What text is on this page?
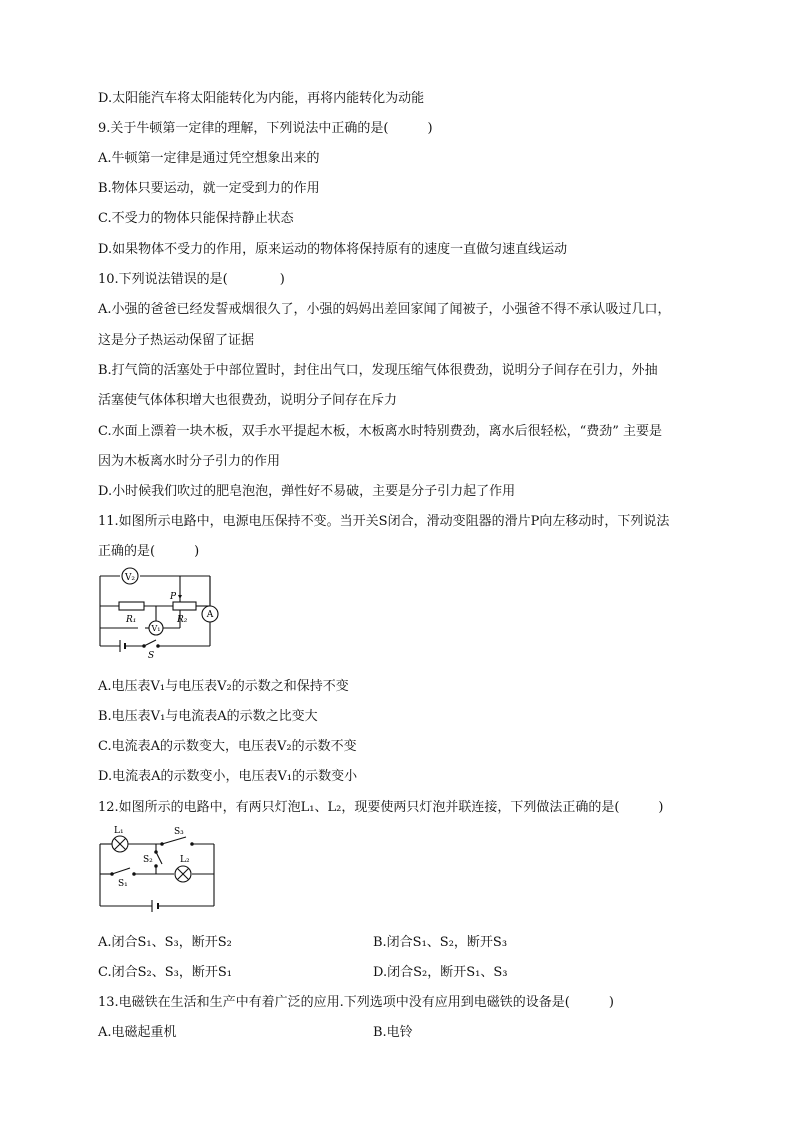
D.太阳能汽车将太阳能转化为内能，再将内能转化为动能
9.关于牛顿第一定律的理解，下列说法中正确的是(　　　)
A.牛顿第一定律是通过凭空想象出来的
B.物体只要运动，就一定受到力的作用
C.不受力的物体只能保持静止状态
D.如果物体不受力的作用，原来运动的物体将保持原有的速度一直做匀速直线运动
10.下列说法错误的是(　　　　)
A.小强的爸爸已经发誓戒烟很久了，小强的妈妈出差回家闻了闻被子，小强爸不得不承认吸过几口，
这是分子热运动保留了证据
B.打气筒的活塞处于中部位置时，封住出气口，发现压缩气体很费劲，说明分子间存在引力，外抽
活塞使气体体积增大也很费劲，说明分子间存在斥力
C.水面上漂着一块木板，双手水平提起木板，木板离水时特别费劲，离水后很轻松，“费劲” 主要是
因为木板离水时分子引力的作用
D.小时候我们吹过的肥皂泡泡，弹性好不易破，主要是分子引力起了作用
11.如图所示电路中，电源电压保持不变。当开关S闭合，滑动变阻器的滑片P向左移动时，下列说法
正确的是(　　　)
V₂
R₁
P
R₂
V₁
S
A
A.电压表V₁与电压表V₂的示数之和保持不变
B.电压表V₁与电流表A的示数之比变大
C.电流表A的示数变大，电压表V₂的示数不变
D.电流表A的示数变小，电压表V₁的示数变小
12.如图所示的电路中，有两只灯泡L₁、L₂，现要使两只灯泡并联连接，下列做法正确的是(　　　)
L₁	S₃
S₂	L₂
S₁
A.闭合S₁、S₃，断开S₂	B.闭合S₁、S₂，断开S₃
C.闭合S₂、S₃，断开S₁	D.闭合S₂，断开S₁、S₃
13.电磁铁在生活和生产中有着广泛的应用.下列选项中没有应用到电磁铁的设备是(　　　)
A.电磁起重机	B.电铃
